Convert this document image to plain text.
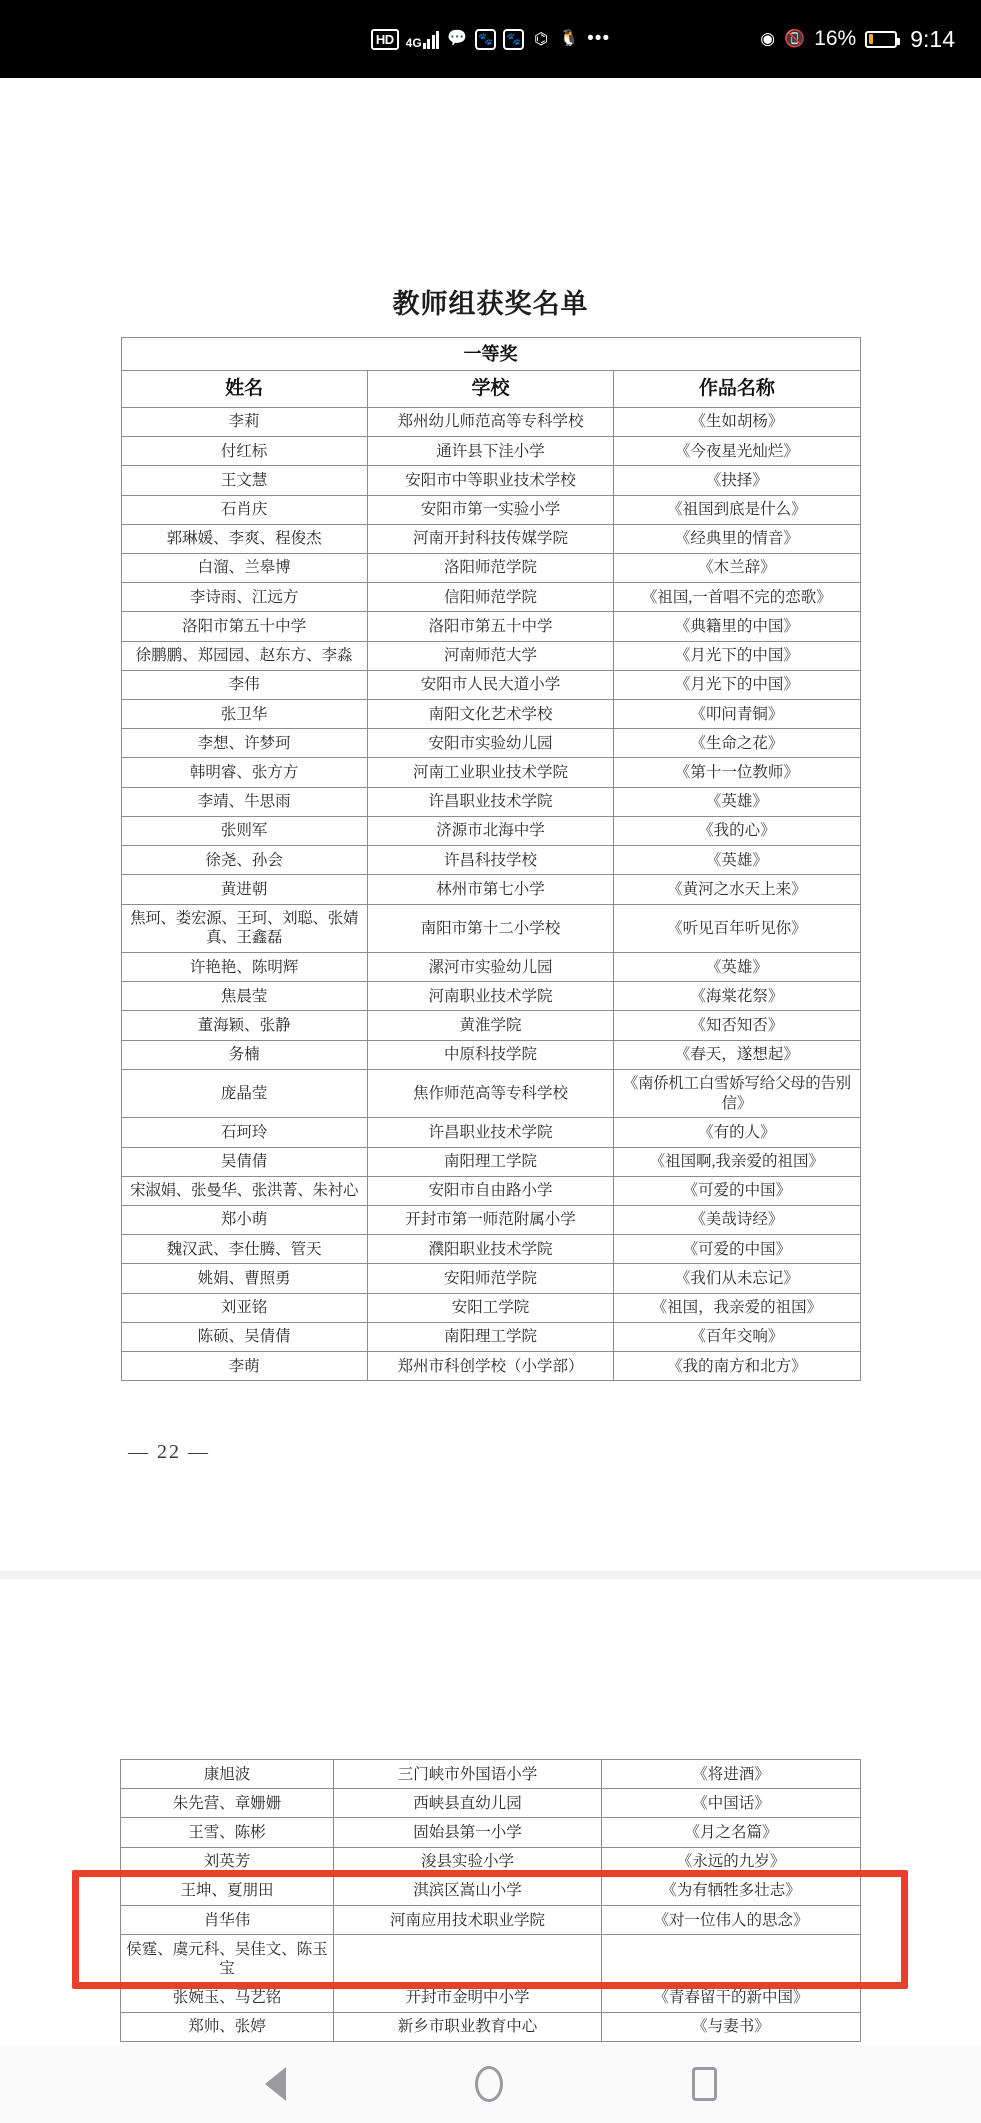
HD	4G 💬 🐾 🐾 ⌬ 🐧 •••	◉ 📵 16% 9:14
教师组获奖名单
一等奖		
姓名	学校	作品名称
李莉	郑州幼儿师范高等专科学校	《生如胡杨》
付红标	通许县下洼小学	《今夜星光灿烂》
王文慧	安阳市中等职业技术学校	《抉择》
石肖庆	安阳市第一实验小学	《祖国到底是什么》
郭琳媛、李爽、程俊杰	河南开封科技传媒学院	《经典里的情音》
白溜、兰皋博	洛阳师范学院	《木兰辞》
李诗雨、江远方	信阳师范学院	《祖国,一首唱不完的恋歌》
洛阳市第五十中学	洛阳市第五十中学	《典籍里的中国》
徐鹏鹏、郑园园、赵东方、李淼	河南师范大学	《月光下的中国》
李伟	安阳市人民大道小学	《月光下的中国》
张卫华	南阳文化艺术学校	《叩问青铜》
李想、许梦珂	安阳市实验幼儿园	《生命之花》
韩明睿、张方方	河南工业职业技术学院	《第十一位教师》
李靖、牛思雨	许昌职业技术学院	《英雄》
张则军	济源市北海中学	《我的心》
徐尧、孙会	许昌科技学校	《英雄》
黄进朝	林州市第七小学	《黄河之水天上来》
焦珂、娄宏源、王珂、刘聪、张婧真、王鑫磊	南阳市第十二小学校	《听见百年听见你》
许艳艳、陈明辉	漯河市实验幼儿园	《英雄》
焦晨莹	河南职业技术学院	《海棠花祭》
董海颖、张静	黄淮学院	《知否知否》
务楠	中原科技学院	《春天，遂想起》
庞晶莹	焦作师范高等专科学校	《南侨机工白雪娇写给父母的告别信》
石珂玲	许昌职业技术学院	《有的人》
吴倩倩	南阳理工学院	《祖国啊,我亲爱的祖国》
宋淑娟、张曼华、张洪菁、朱衬心	安阳市自由路小学	《可爱的中国》
郑小萌	开封市第一师范附属小学	《美哉诗经》
魏汉武、李仕腾、管天	濮阳职业技术学院	《可爱的中国》
姚娟、曹照勇	安阳师范学院	《我们从未忘记》
刘亚铭	安阳工学院	《祖国，我亲爱的祖国》
陈硕、吴倩倩	南阳理工学院	《百年交响》
李萌	郑州市科创学校（小学部）	《我的南方和北方》
— 22 —
康旭波	三门峡市外国语小学	《将进酒》
朱先营、章姗姗	西峡县直幼儿园	《中国话》
王雪、陈彬	固始县第一小学	《月之名篇》
刘英芳	浚县实验小学	《永远的九岁》
王坤、夏朋田	淇滨区嵩山小学	《为有牺牲多壮志》
肖华伟	河南应用技术职业学院	《对一位伟人的思念》
侯霆、虞元科、吴佳文、陈玉宝		
张婉玉、马艺铭	开封市金明中小学	《青春留干的新中国》
郑帅、张婷	新乡市职业教育中心	《与妻书》
